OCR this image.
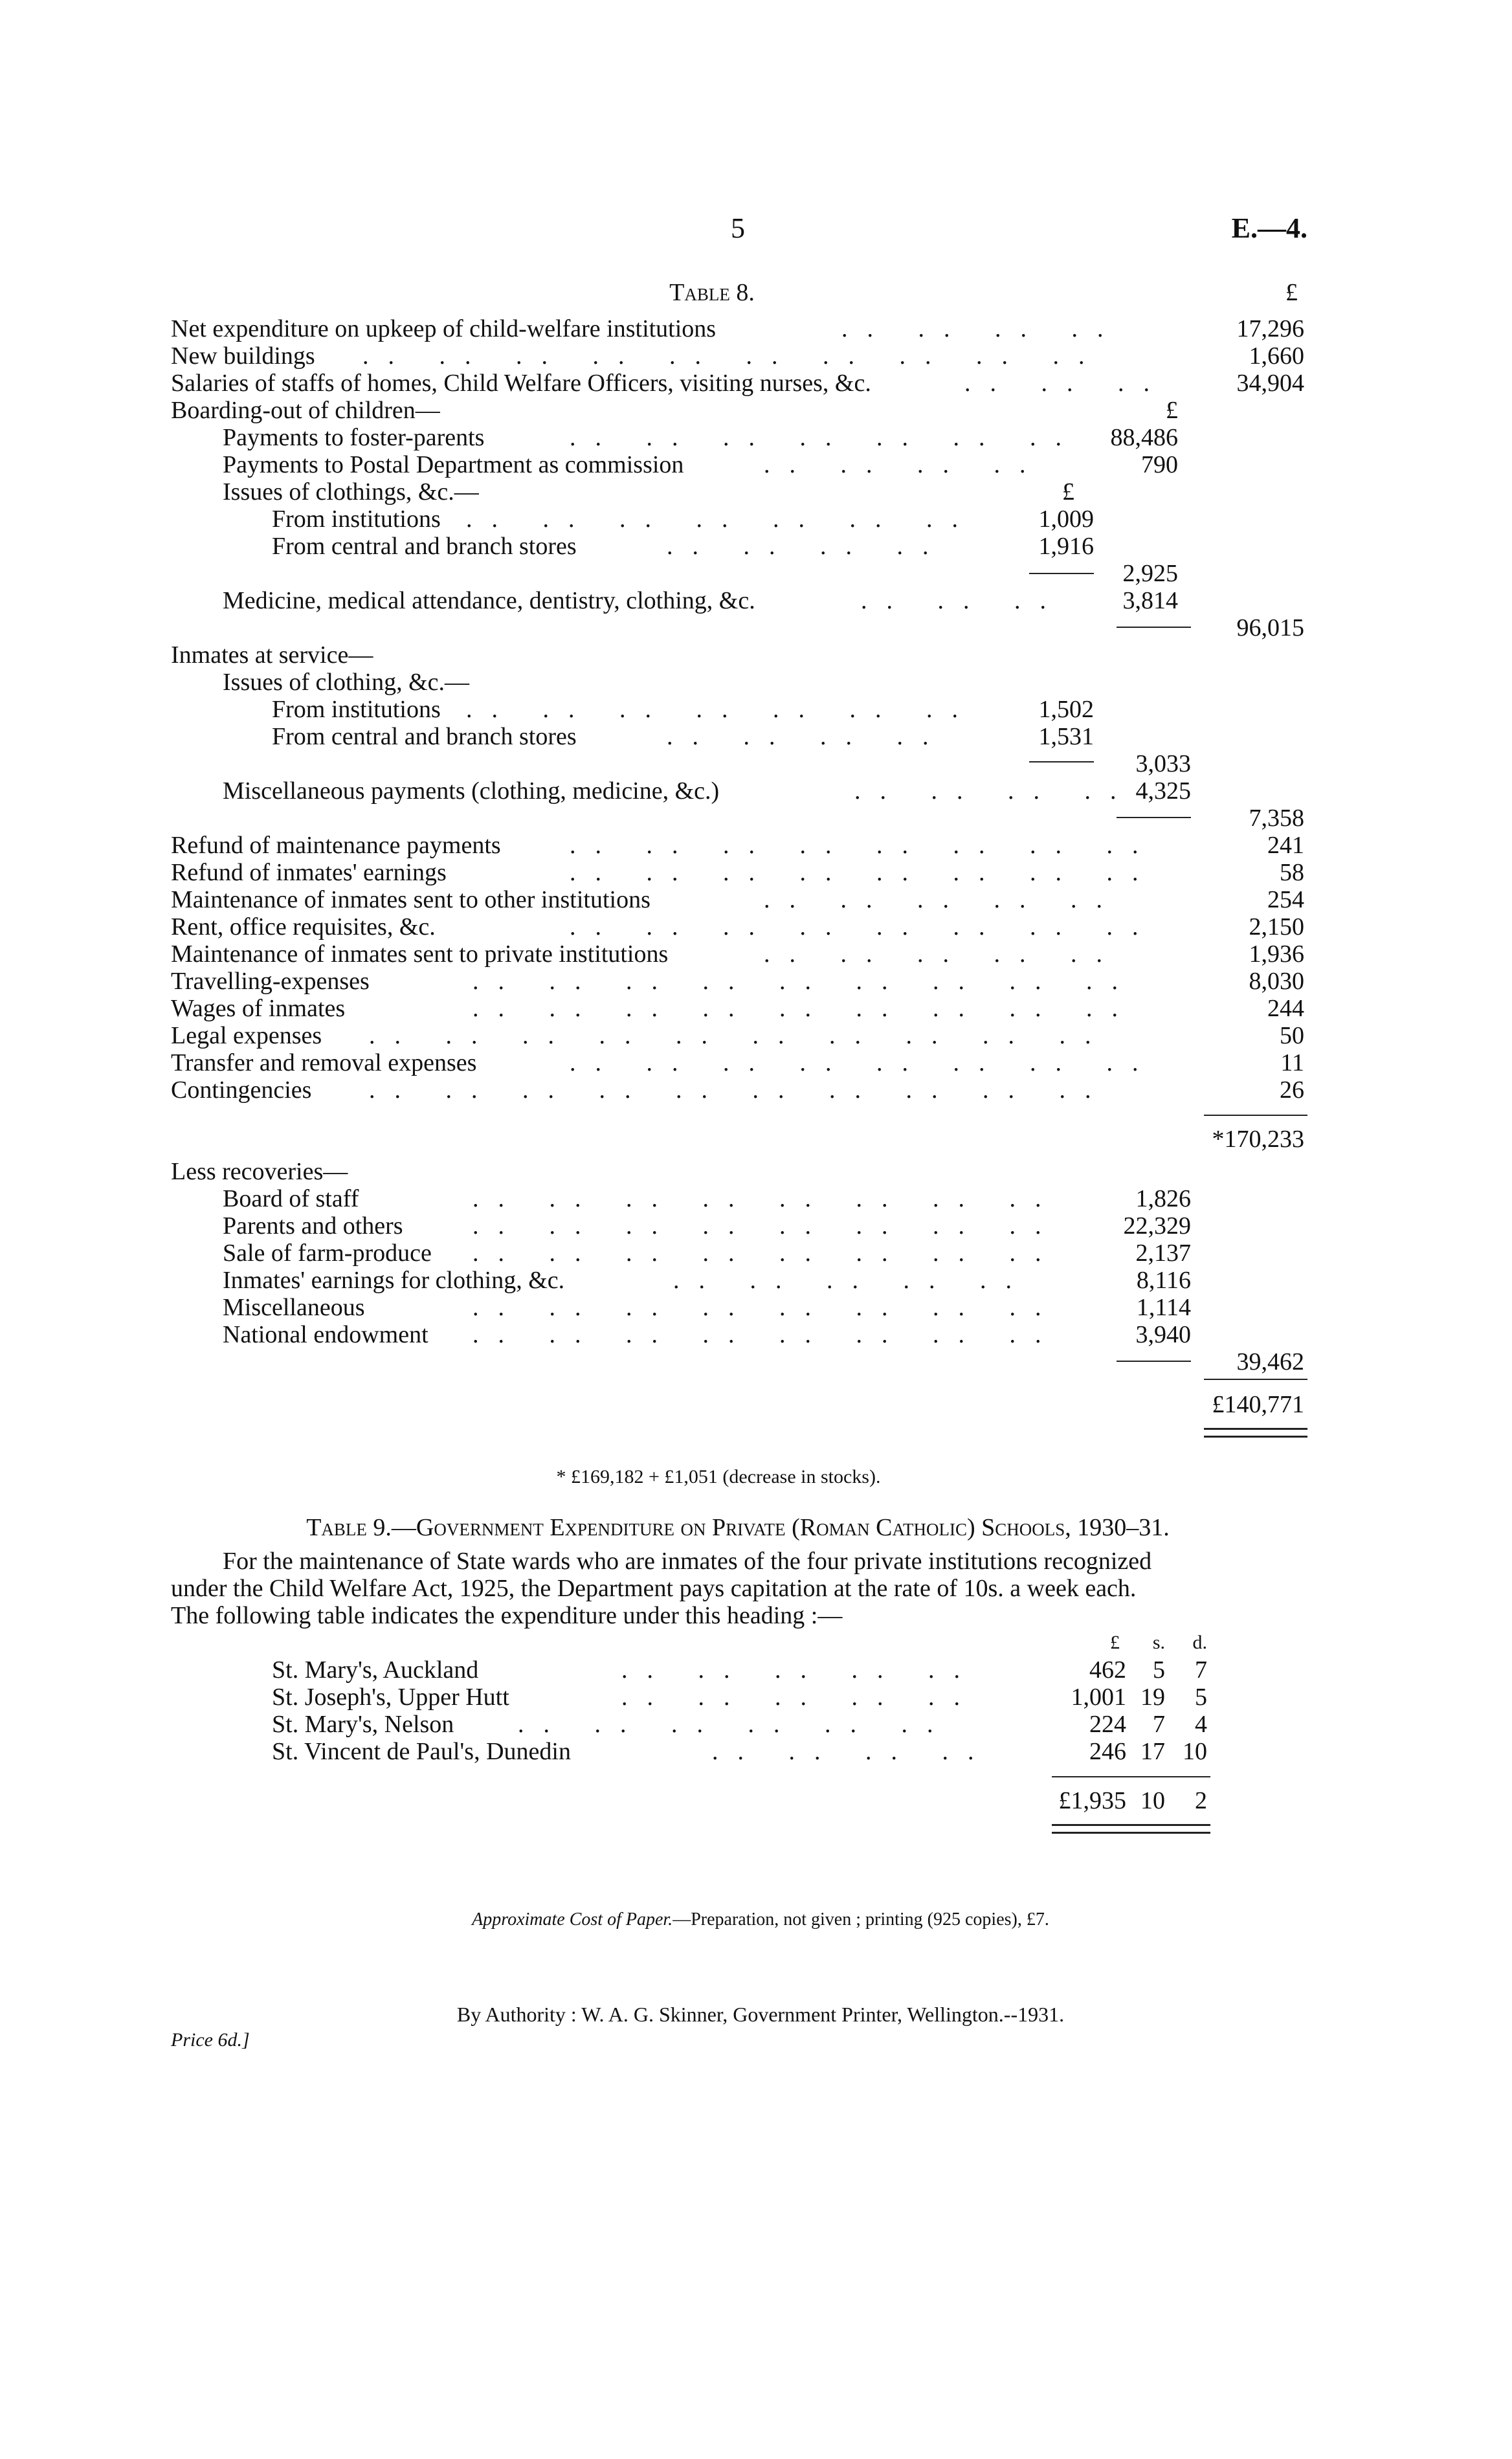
5	E.—4.
Table 8.	£
Net expenditure on upkeep of child-welfare institutions	.. .. .. ..	17,296
New buildings .. .. .. .. .. .. .. .. .. ..	1,660
Salaries of staffs of homes, Child Welfare Officers, visiting nurses, &c.	.. .. ..	34,904
Boarding-out of children—	£
Payments to foster-parents	.. .. .. .. .. .. ..	88,486
Payments to Postal Department as commission	.. .. .. ..	790
Issues of clothings, &c.—	£
From institutions .. .. .. .. .. .. ..	1,009
From central and branch stores	.. .. .. ..	1,916
2,925
Medicine, medical attendance, dentistry, clothing, &c.	.. .. ..	3,814
96,015
Inmates at service—
Issues of clothing, &c.—
From institutions .. .. .. .. .. .. ..	1,502
From central and branch stores	.. .. .. ..	1,531
3,033
Miscellaneous payments (clothing, medicine, &c.)	.. .. .. .. 4,325
7,358
Refund of maintenance payments	.. .. .. .. .. .. .. ..	241
Refund of inmates' earnings	.. .. .. .. .. .. .. ..	58
Maintenance of inmates sent to other institutions	.. .. .. .. ..	254
Rent, office requisites, &c.	.. .. .. .. .. .. .. ..	2,150
Maintenance of inmates sent to private institutions	.. .. .. .. ..	1,936
Travelling-expenses	.. .. .. .. .. .. .. .. ..	8,030
Wages of inmates	.. .. .. .. .. .. .. .. ..	244
Legal expenses .. .. .. .. .. .. .. .. .. ..	50
Transfer and removal expenses	.. .. .. .. .. .. .. ..	11
Contingencies .. .. .. .. .. .. .. .. .. ..	26
*170,233
Less recoveries—
Board of staff	.. .. .. .. .. .. .. ..	1,826
Parents and others	.. .. .. .. .. .. .. ..	22,329
Sale of farm-produce .. .. .. .. .. .. .. ..	2,137
Inmates' earnings for clothing, &c.	.. .. .. .. ..	8,116
Miscellaneous	.. .. .. .. .. .. .. ..	1,114
National endowment .. .. .. .. .. .. .. ..	3,940
39,462
£140,771
* £169,182 + £1,051 (decrease in stocks).
Table 9.—Government Expenditure on Private (Roman Catholic) Schools, 1930–31.
For the maintenance of State wards who are inmates of the four private institutions recognized
under the Child Welfare Act, 1925, the Department pays capitation at the rate of 10s. a week each.
The following table indicates the expenditure under this heading :—
£	s.	d.
St. Mary's, Auckland	.. .. .. .. ..	462	5	7
St. Joseph's, Upper Hutt	.. .. .. .. ..	1,001 19	5
St. Mary's, Nelson	.. .. .. .. .. ..	224	7	4
St. Vincent de Paul's, Dunedin	.. .. .. ..	246 17 10
£1,935 10	2
Approximate Cost of Paper.—Preparation, not given ; printing (925 copies), £7.
By Authority : W. A. G. Skinner, Government Printer, Wellington.--1931.
Price 6d.]
